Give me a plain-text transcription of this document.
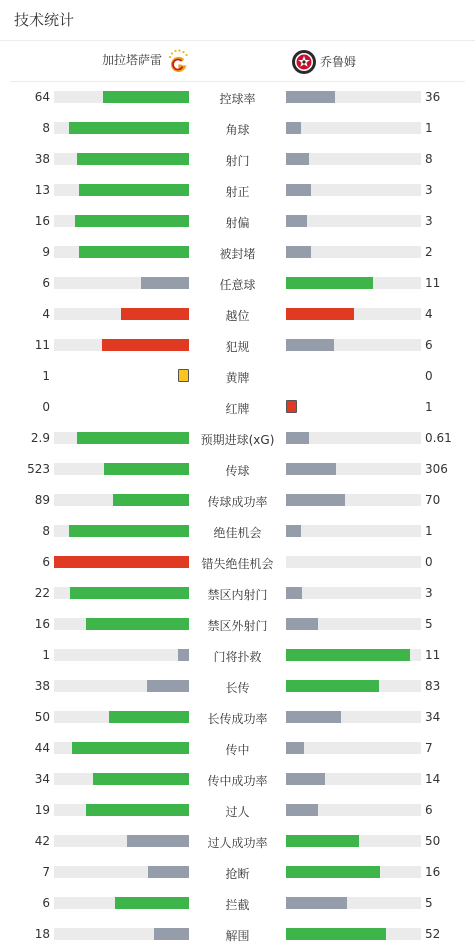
技术统计
加拉塔萨雷	乔鲁姆
64	控球率	36
8	角球	1
38	射门	8
13	射正	3
16	射偏	3
9	被封堵	2
6	任意球	11
4	越位	4
11	犯规	6
1	黄牌	0
0	红牌	1
2.9	预期进球(xG)	0.61
523	传球	306
89	传球成功率	70
8	绝佳机会	1
6	错失绝佳机会	0
22	禁区内射门	3
16	禁区外射门	5
1	门将扑救	11
38	长传	83
50	长传成功率	34
44	传中	7
34	传中成功率	14
19	过人	6
42	过人成功率	50
7	抢断	16
6	拦截	5
18	解围	52
